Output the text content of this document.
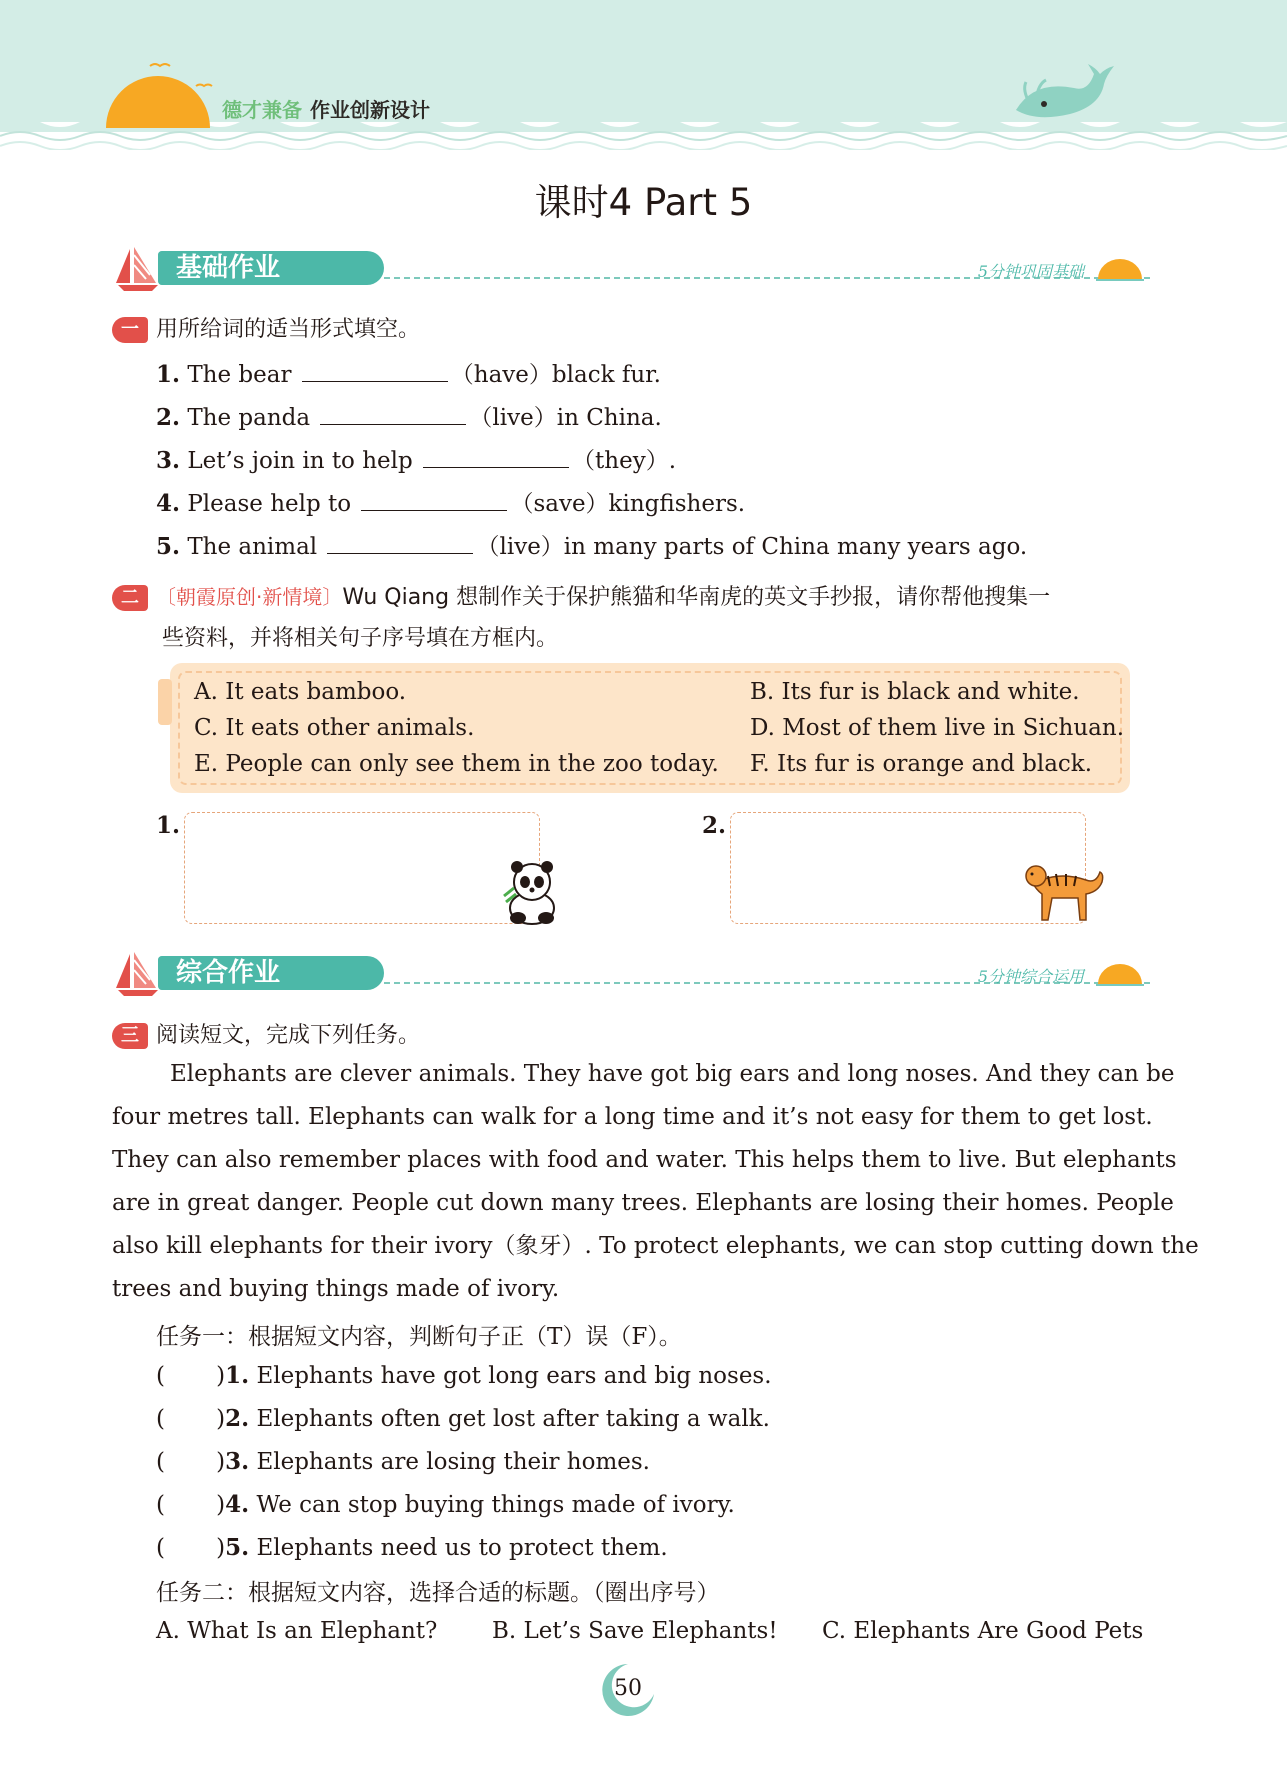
德才兼备 作业创新设计
课时4 Part 5
基础作业	5分钟巩固基础
一 用所给词的适当形式填空。
1. The bear	（have）black fur.
2. The panda	（live）in China.
3. Let’s join in to help	（they）.
4. Please help to	（save）kingfishers.
5. The animal	（live）in many parts of China many years ago.
二 〔朝霞原创·新情境〕Wu Qiang 想制作关于保护熊猫和华南虎的英文手抄报，请你帮他搜集一
些资料，并将相关句子序号填在方框内。
A. It eats bamboo.	B. Its fur is black and white.
C. It eats other animals.	D. Most of them live in Sichuan.
E. People can only see them in the zoo today. F. Its fur is orange and black.
1.	2.
综合作业	5分钟综合运用
三 阅读短文，完成下列任务。
Elephants are clever animals. They have got big ears and long noses. And they can be
four metres tall. Elephants can walk for a long time and it’s not easy for them to get lost.
They can also remember places with food and water. This helps them to live. But elephants
are in great danger. People cut down many trees. Elephants are losing their homes. People
also kill elephants for their ivory（象牙）. To protect elephants, we can stop cutting down the
trees and buying things made of ivory.
任务一：根据短文内容，判断句子正（T）误（F）。
(       )1. Elephants have got long ears and big noses.
(       )2. Elephants often get lost after taking a walk.
(       )3. Elephants are losing their homes.
(       )4. We can stop buying things made of ivory.
(       )5. Elephants need us to protect them.
任务二：根据短文内容，选择合适的标题。（圈出序号）
A. What Is an Elephant? B. Let’s Save Elephants! C. Elephants Are Good Pets
50
